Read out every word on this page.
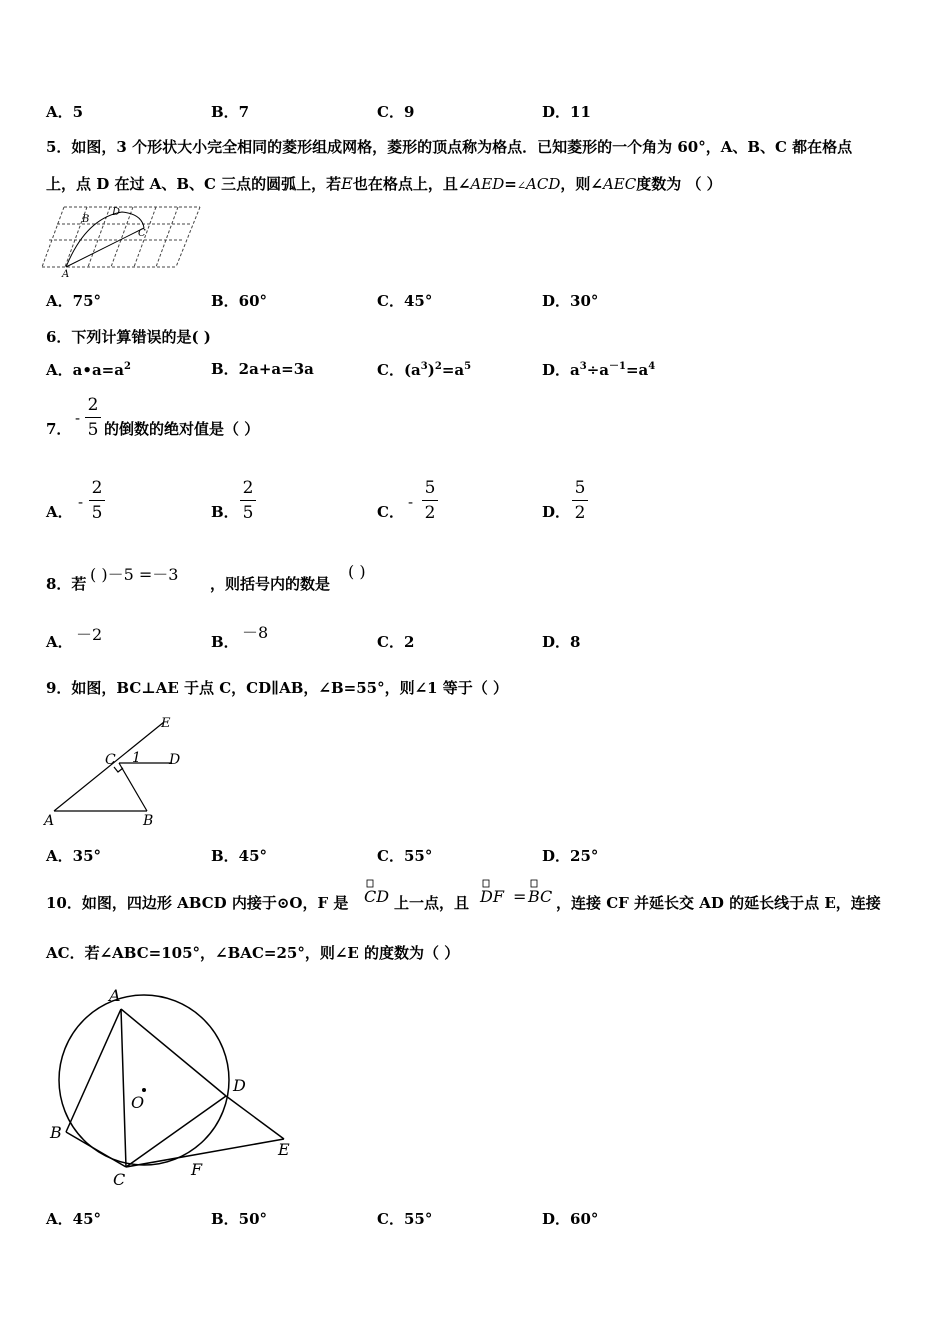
A．5	B．7	C．9	D．11
5．如图，3 个形状大小完全相同的菱形组成网格，菱形的顶点称为格点．已知菱形的一个角为 60°，A、B、C 都在格点
上，点 D 在过 A、B、C 三点的圆弧上，若E也在格点上，且∠AED=∠ACD，则∠AEC度数为 （ ）
B
D
C
A
A．75°	B．60°	C．45°	D．30°
6．下列计算错误的是( )
A．$a•a=a^2$	B．2a+a=3a	C．$(a^3)^2=a^5$	D．$a^3\div a^{-1}=a^4$
7．
-
2
5 的倒数的绝对值是（ ）
A．
-
2
5	B．
2
5	C．
-
5
2	D．
5
2
8．若 ( )－5 =－3 ，则括号内的数是
( )
A． －2	B． －8	C．2	D．8
9．如图，BC⊥AE 于点 C，CD∥AB，∠B=55°，则∠1 等于（ ）
E
C 1 D
A	B
A．35°	B．45°	C．55°	D．25°
10．如图，四边形 ABCD 内接于⊙O，F 是 CD 上一点，且 DF = BC ，连接 CF 并延长交 AD 的延长线于点 E，连接
AC．若∠ABC=105°，∠BAC=25°，则∠E 的度数为（ ）
A
O
D
B
E
F
C
A．45°	B．50°	C．55°	D．60°
